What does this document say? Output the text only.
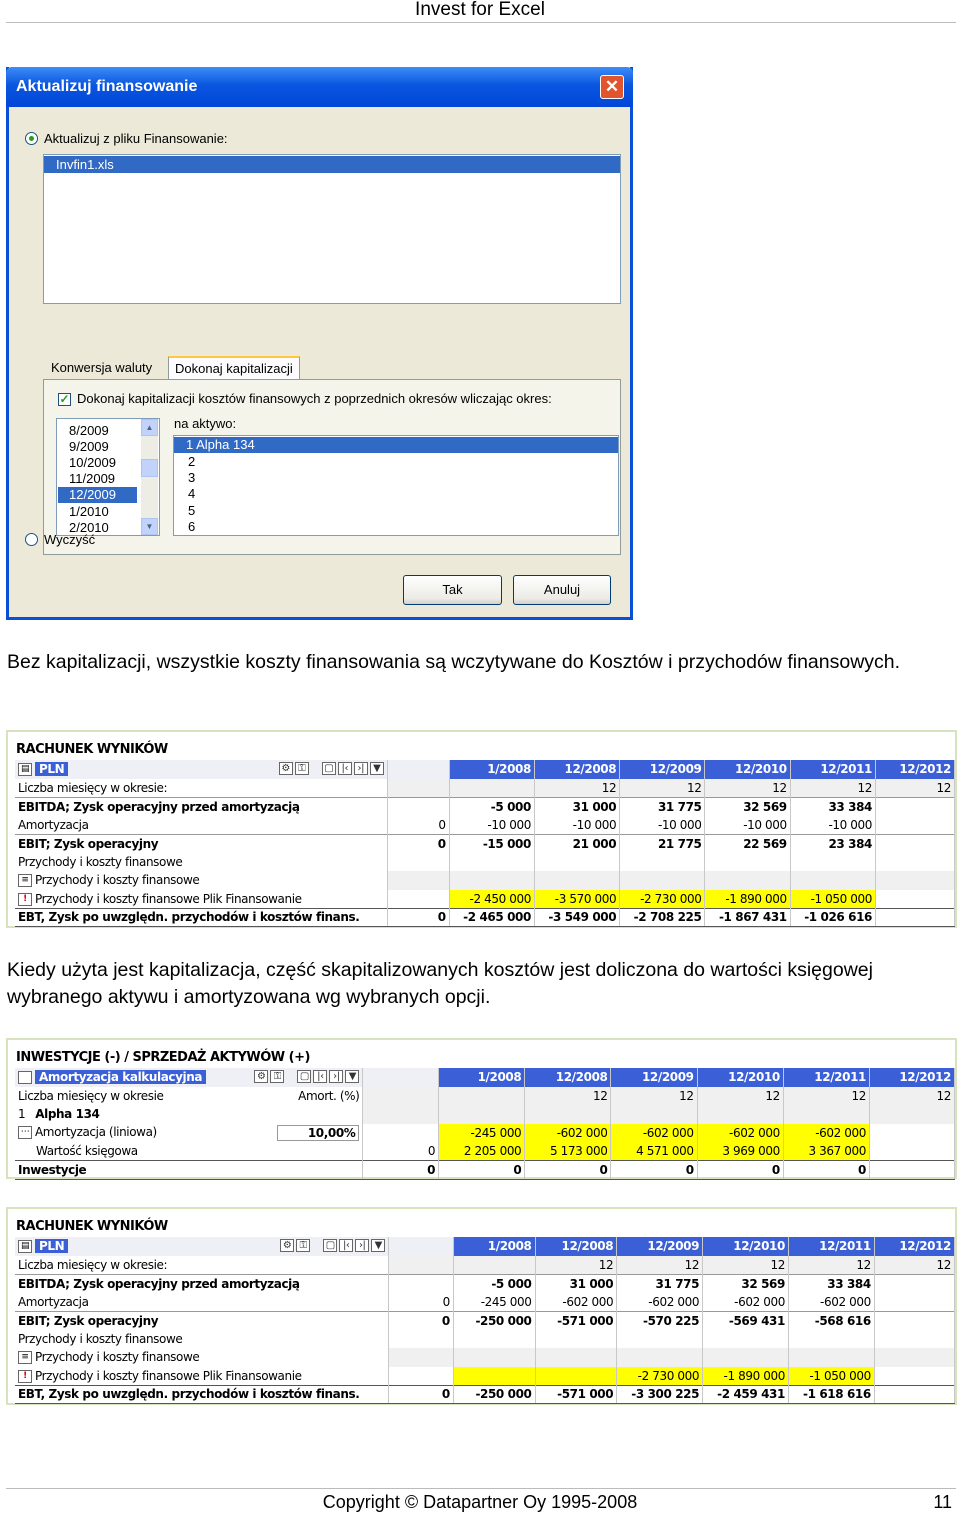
Invest for Excel
Aktualizuj finansowanie	✕
Aktualizuj z pliku Finansowanie:
Invfin1.xls
Konwersja waluty	Dokonaj kapitalizacji
✓ Dokonaj kapitalizacji kosztów finansowych z poprzednich okresów wliczając okres:
8/2009
9/2009
10/2009
11/2009
12/2009
1/2010
2/2010
▲
▼
na aktywo:
1 Alpha 134
2
3
4
5
6
Wyczyść
Tak	Anuluj
Bez kapitalizacji, wszystkie koszty finansowania są wczytywane do Kosztów i przychodów finansowych.
RACHUNEK WYNIKÓW
▤ PLN ⚙ ⚿ ▢ |‹ ›| ▼		1/2008	12/2008	12/2009	12/2010	12/2011	12/2012
Liczba miesięcy w okresie:			12	12	12	12	12
EBITDA; Zysk operacyjny przed amortyzacją		-5 000	31 000	31 775	32 569	33 384	
Amortyzacja	0	-10 000	-10 000	-10 000	-10 000	-10 000	
EBIT; Zysk operacyjny	0	-15 000	21 000	21 775	22 569	23 384	
Przychody i koszty finansowe							
≡ Przychody i koszty finansowe							
! Przychody i koszty finansowe Plik Finansowanie		-2 450 000	-3 570 000	-2 730 000	-1 890 000	-1 050 000	
EBT, Zysk po uwzględn. przychodów i kosztów finans.	0	-2 465 000	-3 549 000	-2 708 225	-1 867 431	-1 026 616	
Kiedy użyta jest kapitalizacja, część skapitalizowanych kosztów jest doliczona do wartości księgowej wybranego aktywu i amortyzowana wg wybranych opcji.
INWESTYCJE (-) / SPRZEDAŻ AKTYWÓW (+)
Amortyzacja kalkulacyjna ⚙ ⚿ ▢ |‹ ›| ▼		1/2008	12/2008	12/2009	12/2010	12/2011	12/2012
Liczba miesięcy w okresie Amort. (%)			12	12	12	12	12
1 Alpha 134							
⋯ Amortyzacja (liniowa) 10,00%		-245 000	-602 000	-602 000	-602 000	-602 000	
Wartość księgowa	0	2 205 000	5 173 000	4 571 000	3 969 000	3 367 000	
Inwestycje	0	0	0	0	0	0	
RACHUNEK WYNIKÓW
▤ PLN ⚙ ⚿ ▢ |‹ ›| ▼		1/2008	12/2008	12/2009	12/2010	12/2011	12/2012
Liczba miesięcy w okresie:			12	12	12	12	12
EBITDA; Zysk operacyjny przed amortyzacją		-5 000	31 000	31 775	32 569	33 384	
Amortyzacja	0	-245 000	-602 000	-602 000	-602 000	-602 000	
EBIT; Zysk operacyjny	0	-250 000	-571 000	-570 225	-569 431	-568 616	
Przychody i koszty finansowe							
≡ Przychody i koszty finansowe							
! Przychody i koszty finansowe Plik Finansowanie				-2 730 000	-1 890 000	-1 050 000	
EBT, Zysk po uwzględn. przychodów i kosztów finans.	0	-250 000	-571 000	-3 300 225	-2 459 431	-1 618 616	
Copyright © Datapartner Oy 1995-2008	11
